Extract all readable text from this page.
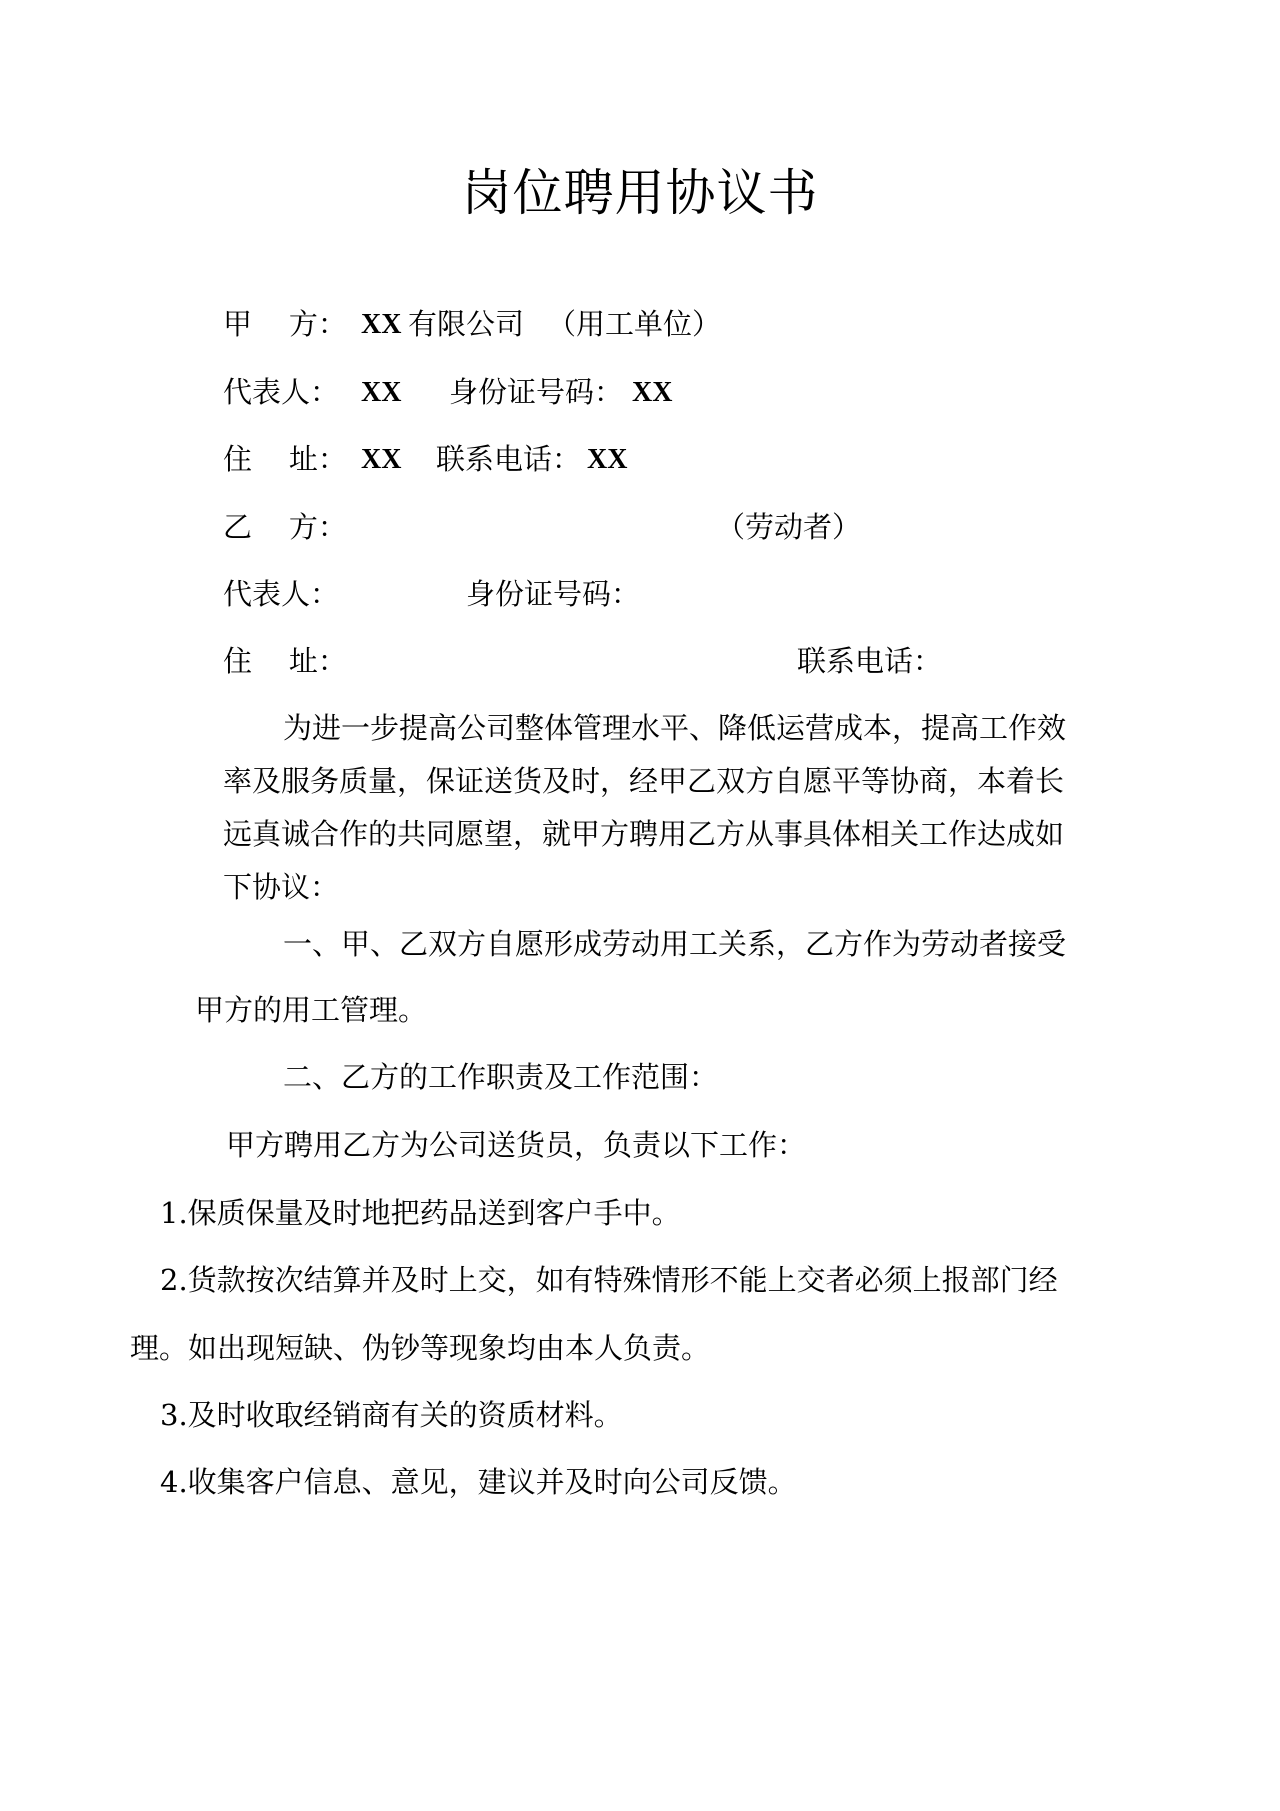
岗位聘用协议书
甲    方： XX 有限公司 （用工单位）
代表人： XX 身份证号码： XX
住    址： XX 联系电话： XX
乙    方：	（劳动者）
代表人：	身份证号码：
住    址：	联系电话：
为进一步提高公司整体管理水平、降低运营成本，提高工作效
率及服务质量，保证送货及时，经甲乙双方自愿平等协商，本着长
远真诚合作的共同愿望，就甲方聘用乙方从事具体相关工作达成如
下协议：
一、甲、乙双方自愿形成劳动用工关系，乙方作为劳动者接受
甲方的用工管理。
二、乙方的工作职责及工作范围：
甲方聘用乙方为公司送货员，负责以下工作：
1.保质保量及时地把药品送到客户手中。
2.货款按次结算并及时上交，如有特殊情形不能上交者必须上报部门经
理。如出现短缺、伪钞等现象均由本人负责。
3.及时收取经销商有关的资质材料。
4.收集客户信息、意见，建议并及时向公司反馈。
